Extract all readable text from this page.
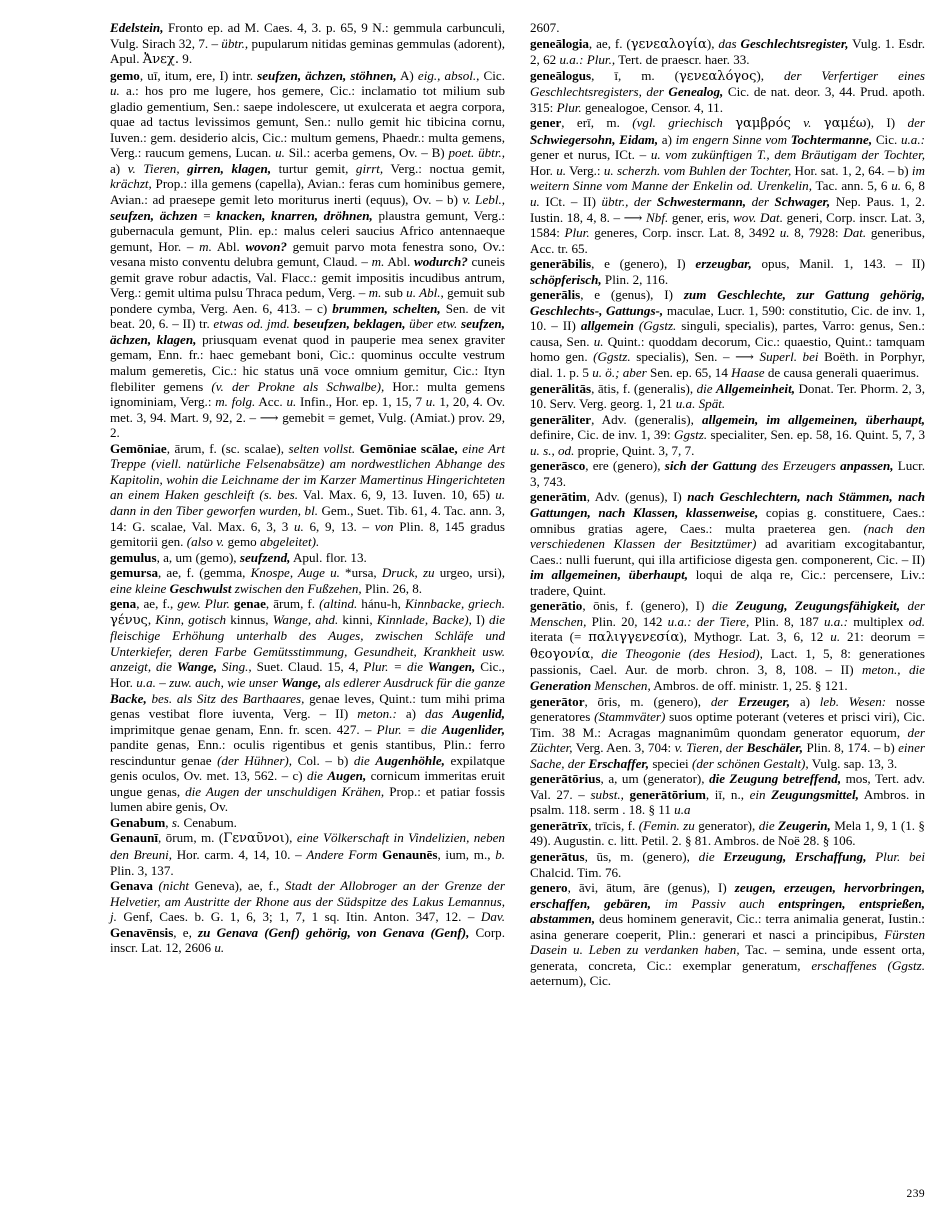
Edelstein, Fronto ep. ad M. Caes. 4, 3. p. 65, 9 N.: gemmula carbunculi, Vulg. Sirach 32, 7. – übtr., pupularum nitidas geminas gemmulas (adorent), Apul. Ἀνεχ. 9.

gemo, uī, itum, ere, I) intr. seufzen, ächzen, stöhnen, A) eig., absol., Cic. u. a.: hos pro me lugere, hos gemere, Cic.: inclamatio tot milium sub gladio gementium, Sen.: saepe indolescere, ut exulcerata et aegra corpora, quae ad tactus levissimos gemunt, Sen.: nullo gemit hic tibicina cornu, Iuven.: gem. desiderio alcis, Cic.: multum gemens, Phaedr.: multa gemens, Verg.: raucum gemens, Lucan. u. Sil.: acerba gemens, Ov. – B) poet. übtr., a) v. Tieren, girren, klagen, turtur gemit, girrt, Verg.: noctua gemit, krächzt, Prop.: illa gemens (capella), Avian.: feras cum hominibus gemere, Avian.: ad praesepe gemit leto moriturus inerti (equus), Ov. – b) v. Lebl., seufzen, ächzen = knacken, knarren, dröhnen, plaustra gemunt, Verg.: gubernacula gemunt, Plin. ep.: malus celeri saucius Africo antennaeque gemunt, Hor. – m. Abl. wovon? gemuit parvo mota fenestra sono, Ov.: vesana misto conventu delubra gemunt, Claud. – m. Abl. wodurch? cuneis gemit grave robur adactis, Val. Flacc.: gemit impositis incudibus antrum, Verg.: gemit ultima pulsu Thraca pedum, Verg. – m. sub u. Abl., gemuit sub pondere cymba, Verg. Aen. 6, 413. – c) brummen, schelten, Sen. de vit beat. 20, 6. – II) tr. etwas od. jmd. beseufzen, beklagen, über etw. seufzen, ächzen, klagen, priusquam evenat quod in pauperie mea senex graviter gemam, Enn. fr.: haec gemebant boni, Cic.: quominus occulte vestrum malum gemeretis, Cic.: hic status unā voce omnium gemitur, Cic.: Ityn flebiliter gemens (v. der Prokne als Schwalbe), Hor.: multa gemens ignominiam, Verg.: m. folg. Acc. u. Infin., Hor. ep. 1, 15, 7 u. 1, 20, 4. Ov. met. 3, 94. Mart. 9, 92, 2. – ⟶ gemebit = gemet, Vulg. (Amiat.) prov. 29, 2.

Gemōniae, ārum, f. (sc. scalae), selten vollst. Gemōniae scālae, eine Art Treppe (viell. natürliche Felsenabsätze) am nordwestlichen Abhange des Kapitolin, wohin die Leichname der im Karzer Mamertinus Hingerichteten an einem Haken geschleift (s. bes. Val. Max. 6, 9, 13. Iuven. 10, 65) u. dann in den Tiber geworfen wurden, bl. Gem., Suet. Tib. 61, 4. Tac. ann. 3, 14: G. scalae, Val. Max. 6, 3, 3 u. 6, 9, 13. – von Plin. 8, 145 gradus gemitorii gen. (also v. gemo abgeleitet).

gemulus, a, um (gemo), seufzend, Apul. flor. 13.

gemursa, ae, f. (gemma, Knospe, Auge u. *ursa, Druck, zu urgeo, ursi), eine kleine Geschwulst zwischen den Fußzehen, Plin. 26, 8.

gena, ae, f., gew. Plur. genae, ārum, f. (altind. hánu-h, Kinnbacke, griech. γένυς, Kinn, gotisch kinnus, Wange, ahd. kinni, Kinnlade, Backe), I) die fleischige Erhöhung unterhalb des Auges, zwischen Schläfe und Unterkiefer, deren Farbe Gemütsstimmung, Gesundheit, Krankheit usw. anzeigt, die Wange, Sing., Suet. Claud. 15, 4, Plur. = die Wangen, Cic., Hor. u.a. – zuw. auch, wie unser Wange, als edlerer Ausdruck für die ganze Backe, bes. als Sitz des Barthaares, genae leves, Quint.: tum mihi prima genas vestibat flore iuventa, Verg. – II) meton.: a) das Augenlid, imprimitque genae genam, Enn. fr. scen. 427. – Plur. = die Augenlider, pandite genas, Enn.: oculis rigentibus et genis stantibus, Plin.: ferro rescinduntur genae (der Hühner), Col. – b) die Augenhöhle, expilatque genis oculos, Ov. met. 13, 562. – c) die Augen, cornicum immeritas eruit ungue genas, die Augen der unschuldigen Krähen, Prop.: et patiar fossis lumen abire genis, Ov.

Genabum, s. Cenabum.

Genaunī, ōrum, m. (Γεναῦνοι), eine Völkerschaft in Vindelizien, neben den Breuni, Hor. carm. 4, 14, 10. – Andere Form Genaunēs, ium, m., b. Plin. 3, 137.

Genava (nicht Geneva), ae, f., Stadt der Allobroger an der Grenze der Helvetier, am Austritte der Rhone aus der Südspitze des Lakus Lemannus, j. Genf, Caes. b. G. 1, 6, 3; 1, 7, 1 sq. Itin. Anton. 347, 12. – Dav. Genavēnsis, e, zu Genava (Genf) gehörig, von Genava (Genf), Corp. inscr. Lat. 12, 2606 u.

2607.

geneālogia, ae, f. (γενεαλογία), das Geschlechtsregister, Vulg. 1. Esdr. 2, 62 u.a.: Plur., Tert. de praescr. haer. 33.

geneālogus, ī, m. (γενεαλόγος), der Verfertiger eines Geschlechtsregisters, der Genealog, Cic. de nat. deor. 3, 44. Prud. apoth. 315: Plur. genealogoe, Censor. 4, 11.

gener, erī, m. (vgl. griechisch γαμβρός v. γαμέω), I) der Schwiegersohn, Eidam, a) im engern Sinne vom Tochtermanne, Cic. u.a.: gener et nurus, ICt. – u. vom zukünftigen T., dem Bräutigam der Tochter, Hor. u. Verg.: u. scherzh. vom Buhlen der Tochter, Hor. sat. 1, 2, 64. – b) im weitern Sinne vom Manne der Enkelin od. Urenkelin, Tac. ann. 5, 6 u. 6, 8 u. ICt. – II) übtr., der Schwestermann, der Schwager, Nep. Paus. 1, 2. Iustin. 18, 4, 8. – ⟶ Nbf. gener, eris, wov. Dat. generi, Corp. inscr. Lat. 3, 1584: Plur. generes, Corp. inscr. Lat. 8, 3492 u. 8, 7928: Dat. generibus, Acc. tr. 65.

generābilis, e (genero), I) erzeugbar, opus, Manil. 1, 143. – II) schöpferisch, Plin. 2, 116.

generālis, e (genus), I) zum Geschlechte, zur Gattung gehörig, Geschlechts-, Gattungs-, maculae, Lucr. 1, 590: constitutio, Cic. de inv. 1, 10. – II) allgemein (Ggstz. singuli, specialis), partes, Varro: genus, Sen.: causa, Sen. u. Quint.: quoddam decorum, Cic.: quaestio, Quint.: tamquam homo gen. (Ggstz. specialis), Sen. – ⟶ Superl. bei Boëth. in Porphyr, dial. 1. p. 5 u. ö.; aber Sen. ep. 65, 14 Haase de causa generali quaerimus.

generālitās, ātis, f. (generalis), die Allgemeinheit, Donat. Ter. Phorm. 2, 3, 10. Serv. Verg. georg. 1, 21 u.a. Spät.

generāliter, Adv. (generalis), allgemein, im allgemeinen, überhaupt, definire, Cic. de inv. 1, 39: Ggstz. specialiter, Sen. ep. 58, 16. Quint. 5, 7, 3 u. s., od. proprie, Quint. 3, 7, 7.

generāsco, ere (genero), sich der Gattung des Erzeugers anpassen, Lucr. 3, 743.

generātim, Adv. (genus), I) nach Geschlechtern, nach Stämmen, nach Gattungen, nach Klassen, klassenweise, copias g. constituere, Caes.: omnibus gratias agere, Caes.: multa praeterea gen. (nach den verschiedenen Klassen der Besitztümer) ad avaritiam excogitabantur, Caes.: nulli fuerunt, qui illa artificiose digesta gen. componerent, Cic. – II) im allgemeinen, überhaupt, loqui de alqa re, Cic.: percensere, Liv.: tradere, Quint.

generātio, ōnis, f. (genero), I) die Zeugung, Zeugungsfähigkeit, der Menschen, Plin. 20, 142 u.a.: der Tiere, Plin. 8, 187 u.a.: multiplex od. iterata (= παλιγγενεσία), Mythogr. Lat. 3, 6, 12 u. 21: deorum = θεογονία, die Theogonie (des Hesiod), Lact. 1, 5, 8: generationes passionis, Cael. Aur. de morb. chron. 3, 8, 108. – II) meton., die Generation Menschen, Ambros. de off. ministr. 1, 25. § 121.

generātor, ōris, m. (genero), der Erzeuger, a) leb. Wesen: nosse generatores (Stammväter) suos optime poterant (veteres et prisci viri), Cic. Tim. 38 M.: Acragas magnanimûm quondam generator equorum, der Züchter, Verg. Aen. 3, 704: v. Tieren, der Beschäler, Plin. 8, 174. – b) einer Sache, der Erschaffer, speciei (der schönen Gestalt), Vulg. sap. 13, 3.

generātōrius, a, um (generator), die Zeugung betreffend, mos, Tert. adv. Val. 27. – subst., generātōrium, iī, n., ein Zeugungsmittel, Ambros. in psalm. 118. serm . 18. § 11 u.a

generātrīx, trīcis, f. (Femin. zu generator), die Zeugerin, Mela 1, 9, 1 (1. § 49). Augustin. c. litt. Petil. 2. § 81. Ambros. de Noë 28. § 106.

generātus, ūs, m. (genero), die Erzeugung, Erschaffung, Plur. bei Chalcid. Tim. 76.

genero, āvi, ātum, āre (genus), I) zeugen, erzeugen, hervorbringen, erschaffen, gebären, im Passiv auch entspringen, entsprießen, abstammen, deus hominem generavit, Cic.: terra animalia generat, Iustin.: asina generare coeperit, Plin.: generari et nasci a principibus, Fürsten Dasein u. Leben zu verdanken haben, Tac. – semina, unde essent orta, generata, concreta, Cic.: exemplar generatum, erschaffenes (Ggstz. aeternum), Cic.

239
